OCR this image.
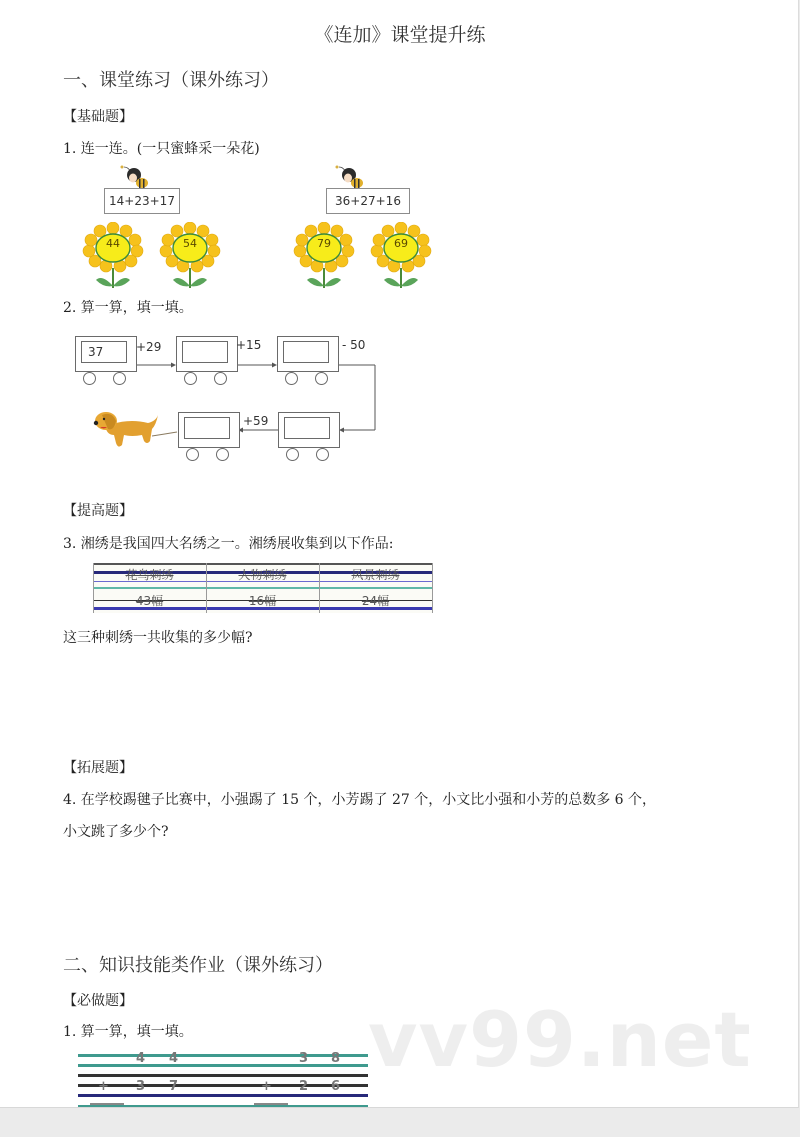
《连加》课堂提升练
一、课堂练习（课外练习）
【基础题】
1. 连一连。(一只蜜蜂采一朵花)
14+23+17	36+27+16
44	54	79	69
2. 算一算，填一填。
37	+29	+15	- 50
+59
【提高题】
3. 湘绣是我国四大名绣之一。湘绣展收集到以下作品:
花鸟刺绣	人物刺绣	风景刺绣
43幅	16幅	24幅
这三种刺绣一共收集的多少幅?
【拓展题】
4. 在学校踢毽子比赛中，小强踢了 15 个，小芳踢了 27 个，小文比小强和小芳的总数多 6 个，
小文跳了多少个?
vv99.net
二、知识技能类作业（课外练习）
【必做题】
1. 算一算，填一填。
4 4
+ 3 7
3 8
+ 2 6
